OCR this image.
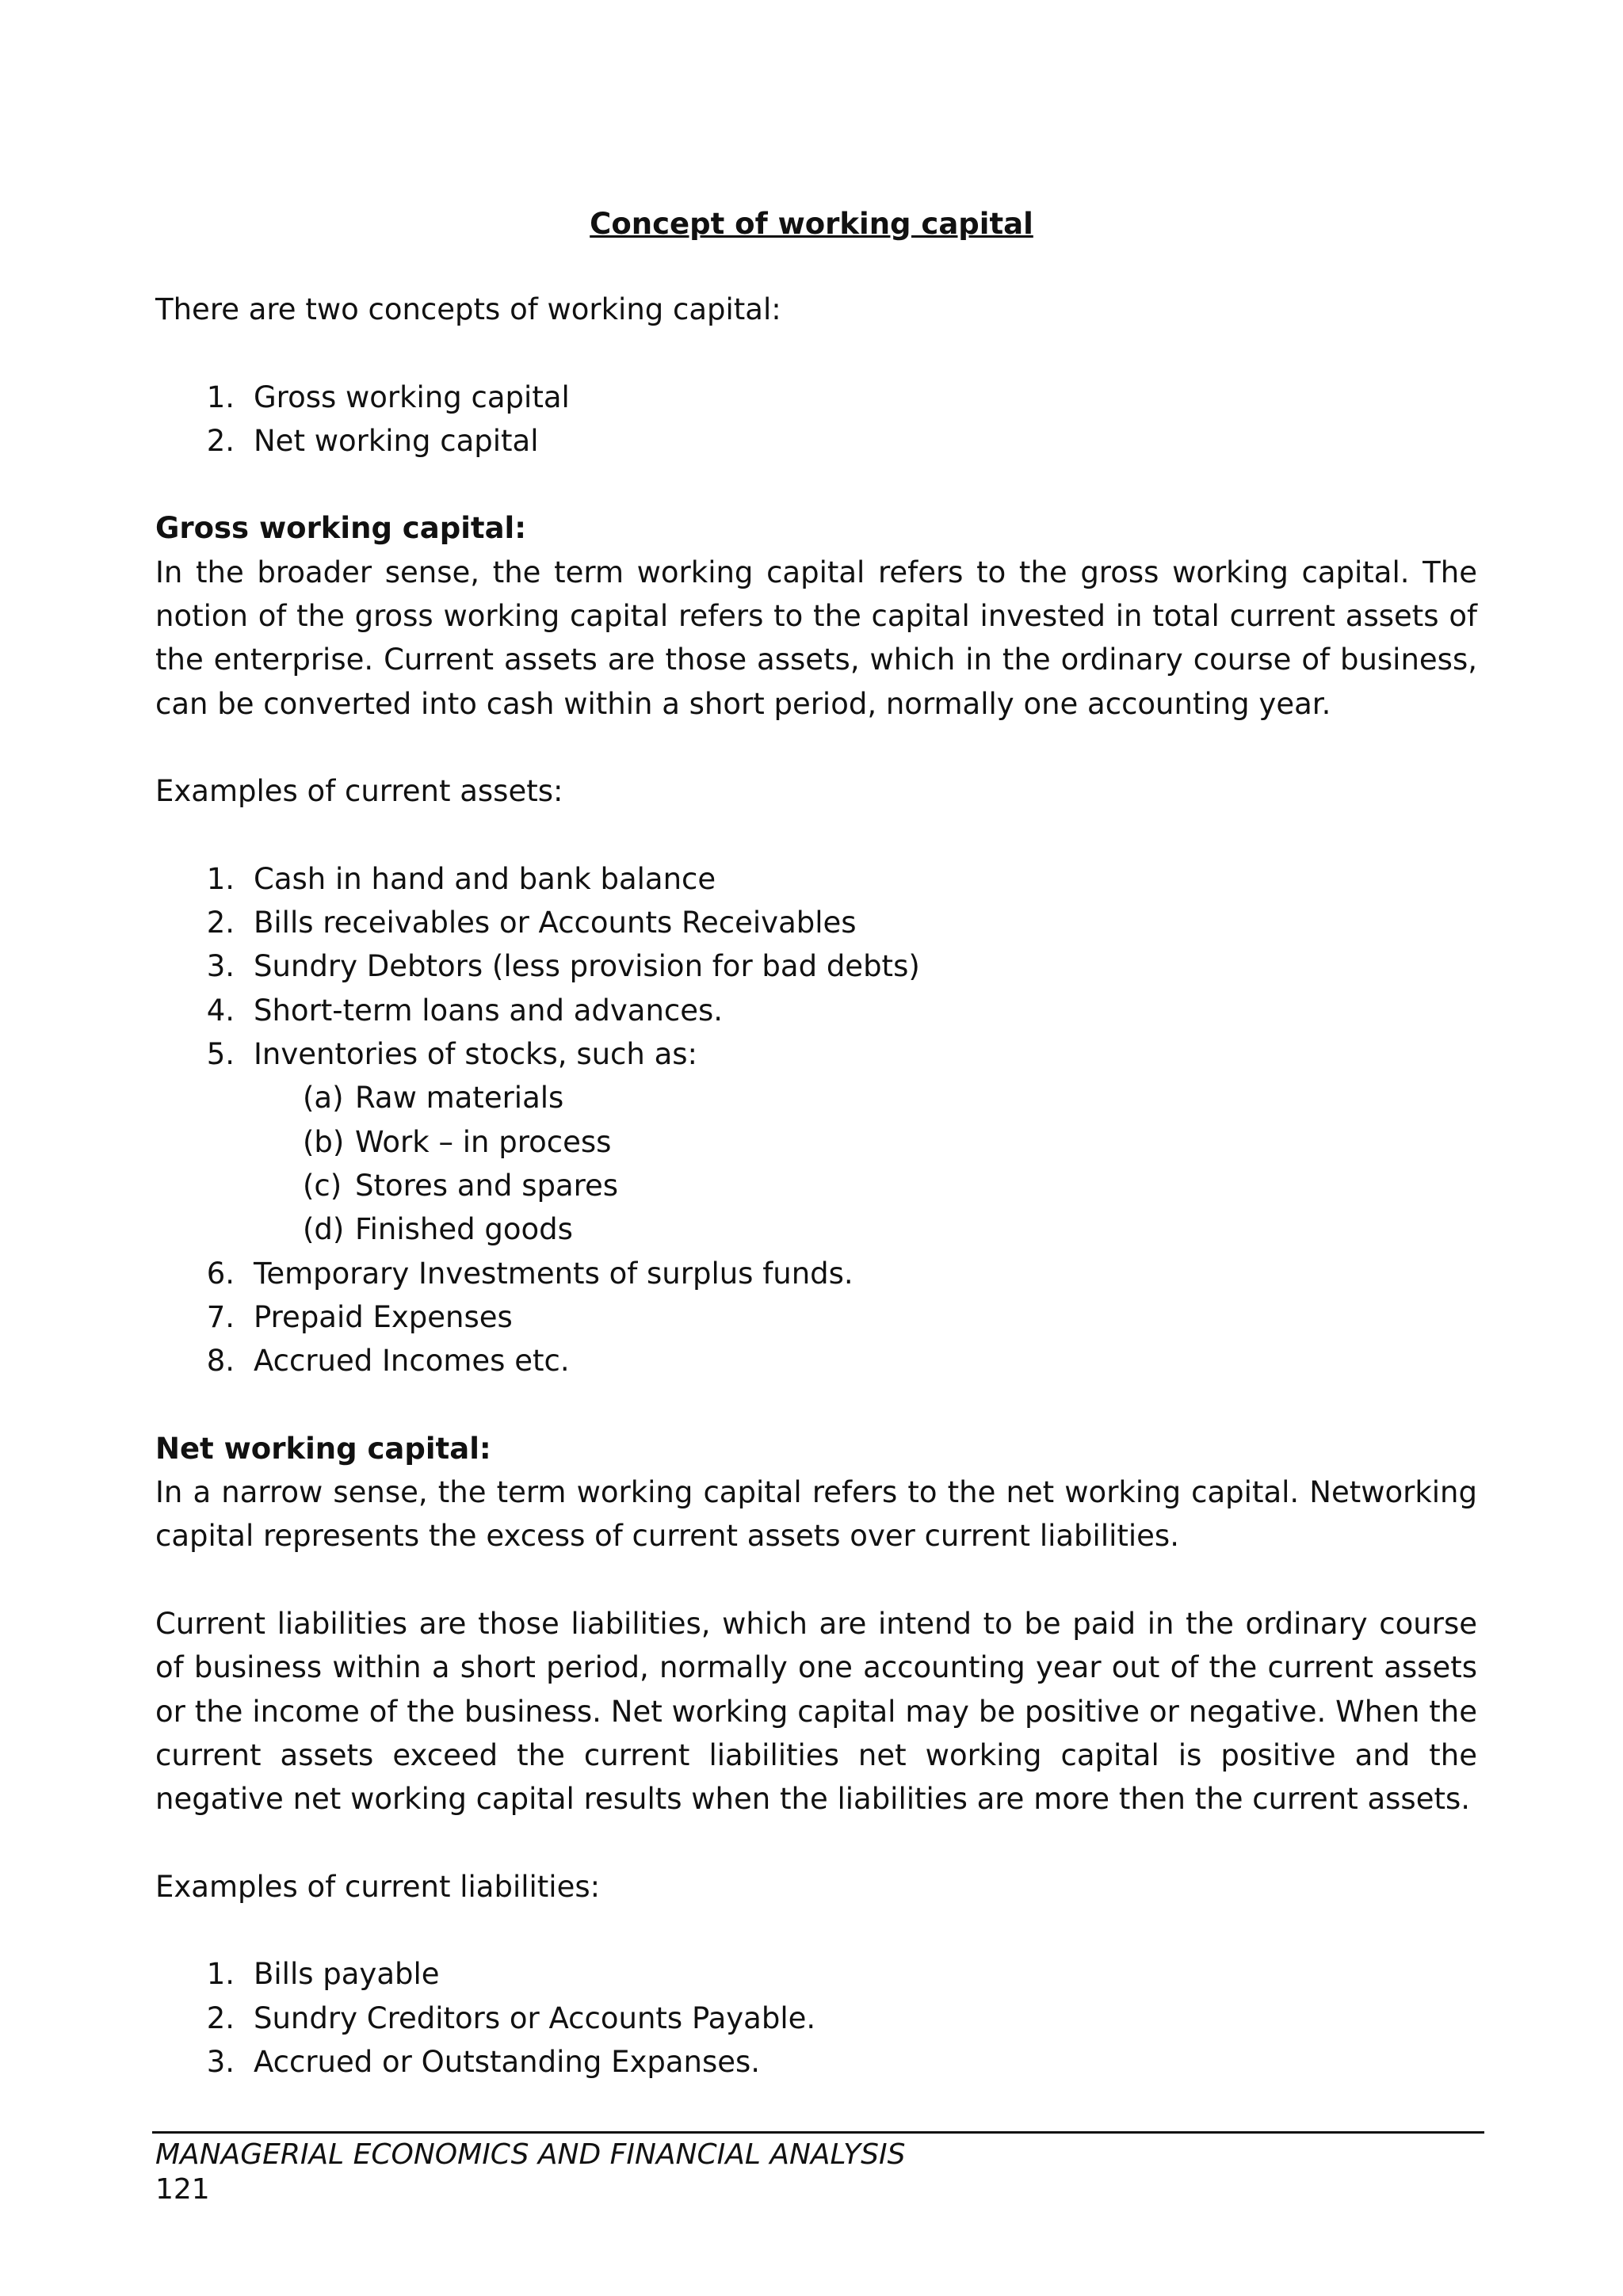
Concept of working capital

There are two concepts of working capital:

1. Gross working capital
2. Net working capital

Gross working capital:

In the broader sense, the term working capital refers to the gross working capital. The notion of the gross working capital refers to the capital invested in total current assets of the enterprise. Current assets are those assets, which in the ordinary course of business, can be converted into cash within a short period, normally one accounting year.

Examples of current assets:

1. Cash in hand and bank balance
2. Bills receivables or Accounts Receivables
3. Sundry Debtors (less provision for bad debts)
4. Short-term loans and advances.
5. Inventories of stocks, such as:
(a) Raw materials
(b) Work – in process
(c) Stores and spares
(d) Finished goods
6. Temporary Investments of surplus funds.
7. Prepaid Expenses
8. Accrued Incomes etc.

Net working capital:

In a narrow sense, the term working capital refers to the net working capital. Networking capital represents the excess of current assets over current liabilities.

Current liabilities are those liabilities, which are intend to be paid in the ordinary course of business within a short period, normally one accounting year out of the current assets or the income of the business. Net working capital may be positive or negative. When the current assets exceed the current liabilities net working capital is positive and the negative net working capital results when the liabilities are more then the current assets.

Examples of current liabilities:

1. Bills payable
2. Sundry Creditors or Accounts Payable.
3. Accrued or Outstanding Expanses.
MANAGERIAL ECONOMICS AND FINANCIAL ANALYSIS
121
